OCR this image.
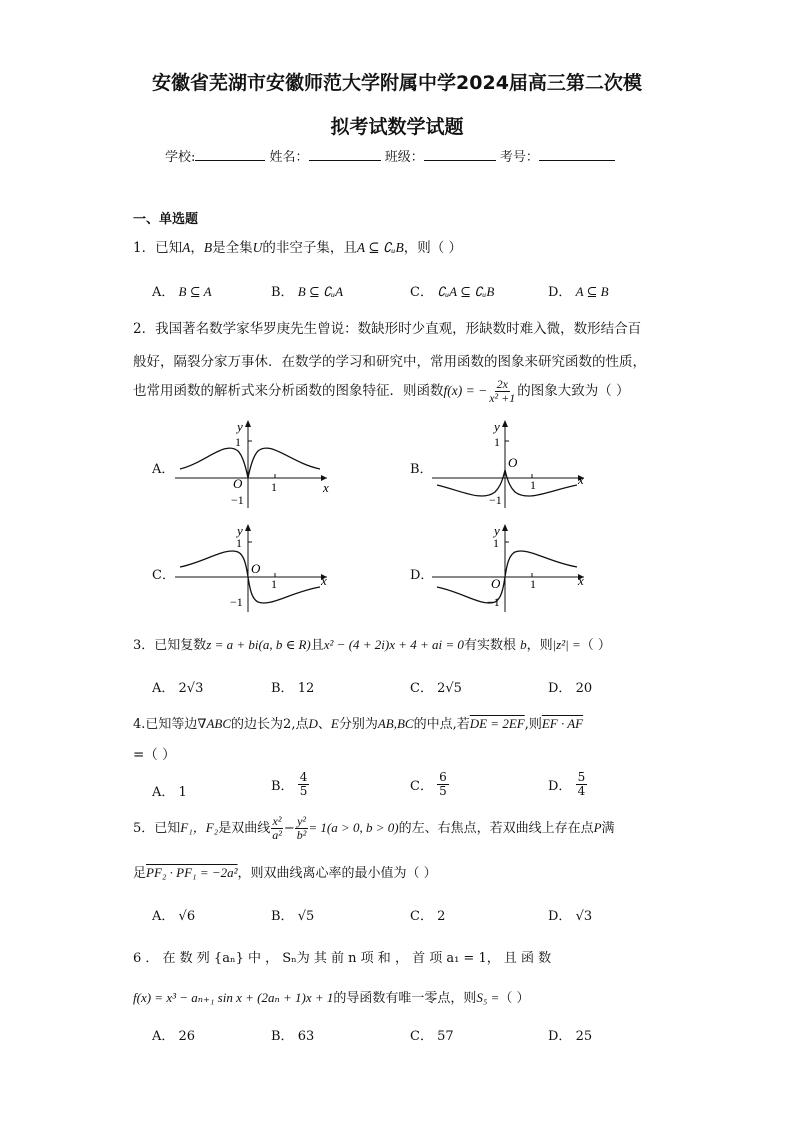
安徽省芜湖市安徽师范大学附属中学2024届高三第二次模
拟考试数学试题
学校:	姓名：	班级：	考号：
一、单选题
1．已知A，B是全集U的非空子集，且A ⊆ ∁ᵤB，则（ ）
A． B ⊆ A	B． B ⊆ ∁ᵤA	C． ∁ᵤA ⊆ ∁ᵤB	D． A ⊆ B
2．我国著名数学家华罗庚先生曾说：数缺形时少直观，形缺数时难入微，数形结合百
般好，隔裂分家万事休．在数学的学习和研究中，常用函数的图象来研究函数的性质，
也常用函数的解析式来分析函数的图象特征．则函数f(x) = − $\frac{2x}{\text{x² +1}}$ 的图象大致为（ ）
A．	B．
C．	D．
y
x
1
1
O
−1
y
x
1
1
O
−1
y
x
1
1
O
−1
y
x
1
1
O
−1
3．已知复数z = a + bi(a, b ∈ R)且x² − (4 + 2i)x + 4 + ai = 0有实数根 b，则|z²| =（ ）
A． 2√3	B． 12	C． 2√5	D． 20
4.已知等边∇ABC的边长为2,点D、E分别为AB,BC的中点,若DE = 2EF,则EF · AF
=（ ）
A． 1	B． $\frac{4}{5}$	C． $\frac{6}{5}$	D． $\frac{5}{4}$
5．已知F₁，F₂是双曲线 $\frac{\text{x²}}{\text{a²}} - \frac{\text{y²}}{\text{b²}} = 1(a > 0$, b > 0)的左、右焦点，若双曲线上存在点P满
足PF₂ · PF₁ = −2a²，则双曲线离心率的最小值为（ ）
A． √6	B． √5	C． 2	D． √3
6 ． 在 数 列 {aₙ} 中 ， Sₙ为 其 前 n 项 和 ， 首 项 a₁ = 1， 且 函 数
f(x) = x³ − aₙ₊₁ sin x + (2aₙ + 1)x + 1的导函数有唯一零点，则S₅ =（ ）
A． 26	B． 63	C． 57	D． 25
